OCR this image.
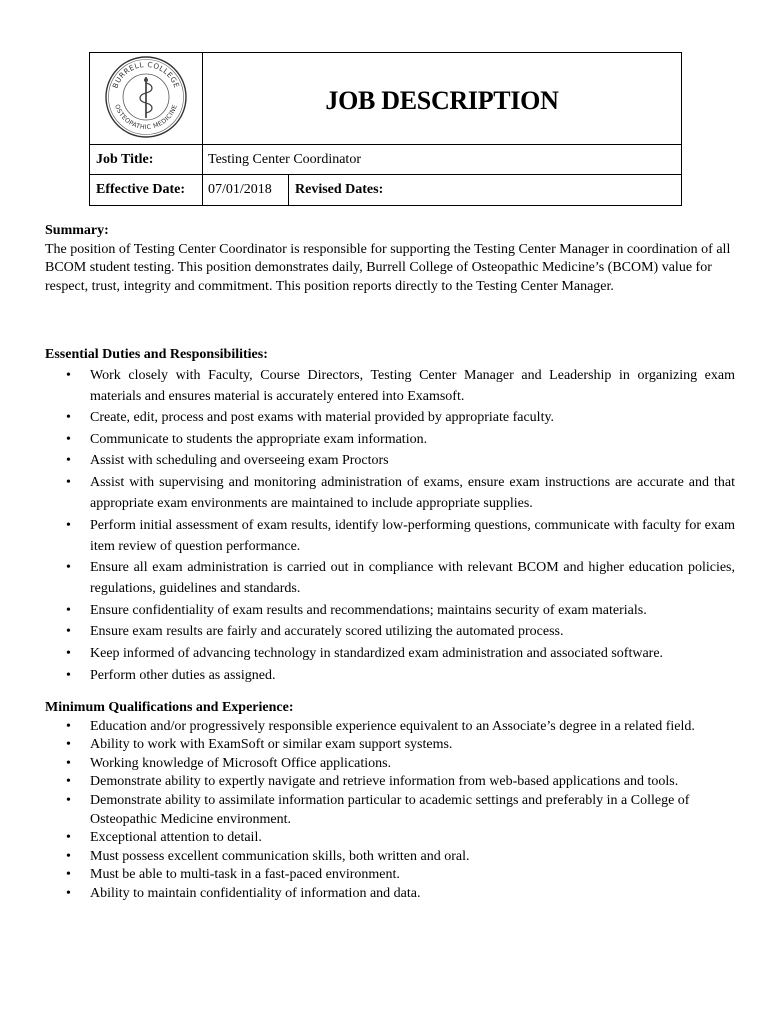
BURRELL COLLEGE
OSTEOPATHIC MEDICINE	JOB DESCRIPTION
Job Title:	Testing Center Coordinator
Effective Date:	07/01/2018	Revised Dates:
Summary:

The position of Testing Center Coordinator is responsible for supporting the Testing Center Manager in coordination of all BCOM student testing. This position demonstrates daily, Burrell College of Osteopathic Medicine’s (BCOM) value for respect, trust, integrity and commitment. This position reports directly to the Testing Center Manager.

Essential Duties and Responsibilities:
• Work closely with Faculty, Course Directors, Testing Center Manager and Leadership in organizing exam materials and ensures material is accurately entered into Examsoft.
• Create, edit, process and post exams with material provided by appropriate faculty.
• Communicate to students the appropriate exam information.
• Assist with scheduling and overseeing exam Proctors
• Assist with supervising and monitoring administration of exams, ensure exam instructions are accurate and that appropriate exam environments are maintained to include appropriate supplies.
• Perform initial assessment of exam results, identify low-performing questions, communicate with faculty for exam item review of question performance.
• Ensure all exam administration is carried out in compliance with relevant BCOM and higher education policies, regulations, guidelines and standards.
• Ensure confidentiality of exam results and recommendations; maintains security of exam materials.
• Ensure exam results are fairly and accurately scored utilizing the automated process.
• Keep informed of advancing technology in standardized exam administration and associated software.
• Perform other duties as assigned.
Minimum Qualifications and Experience:
• Education and/or progressively responsible experience equivalent to an Associate’s degree in a related field.
• Ability to work with ExamSoft or similar exam support systems.
• Working knowledge of Microsoft Office applications.
• Demonstrate ability to expertly navigate and retrieve information from web-based applications and tools.
• Demonstrate ability to assimilate information particular to academic settings and preferably in a College of Osteopathic Medicine environment.
• Exceptional attention to detail.
• Must possess excellent communication skills, both written and oral.
• Must be able to multi-task in a fast-paced environment.
• Ability to maintain confidentiality of information and data.
